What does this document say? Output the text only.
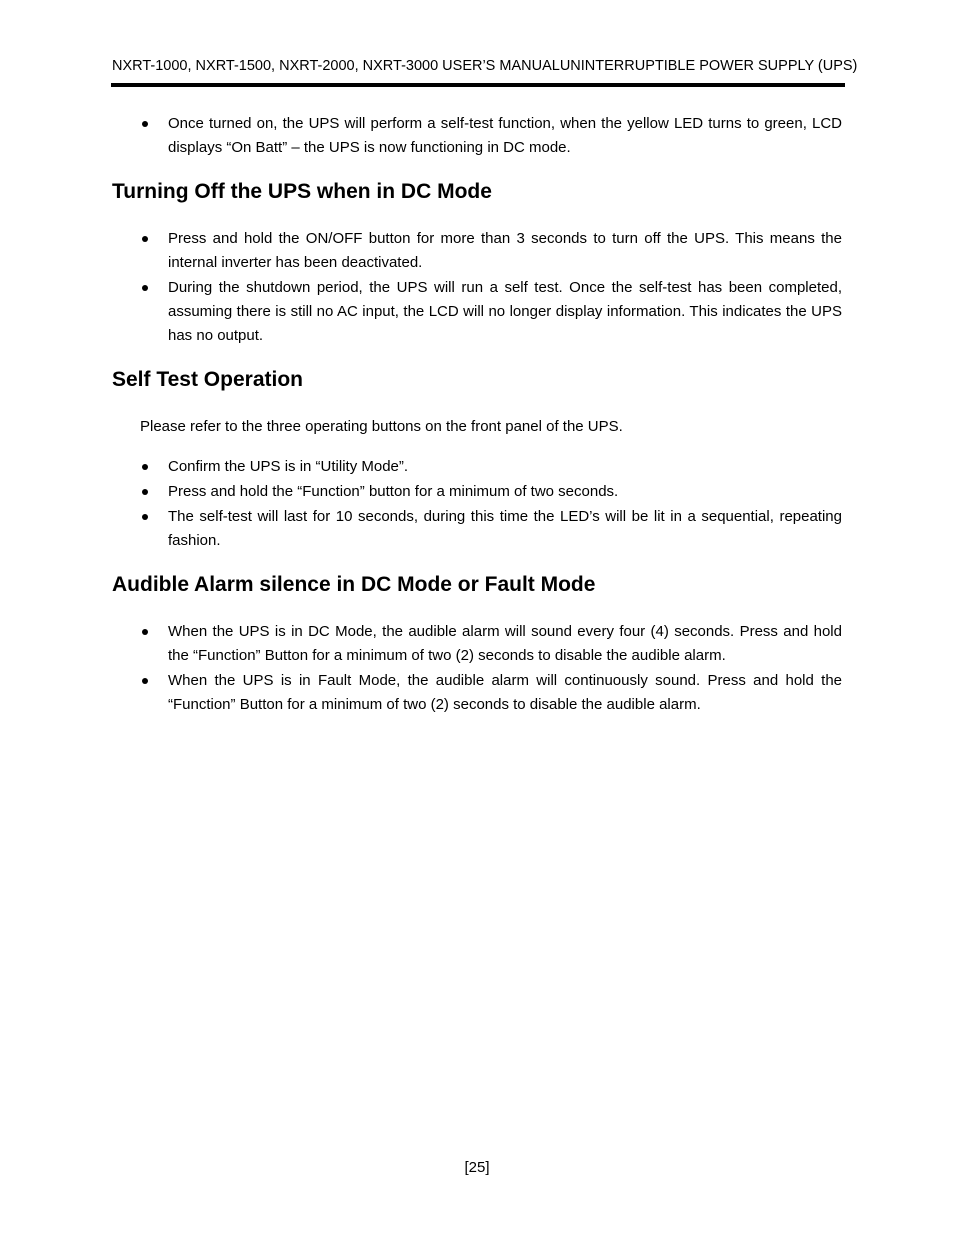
NXRT-1000, NXRT-1500, NXRT-2000, NXRT-3000 USER’S MANUALUNINTERRUPTIBLE POWER SUPPLY (UPS)
Once turned on, the UPS will perform a self-test function, when the yellow LED turns to green, LCD displays “On Batt” – the UPS is now functioning in DC mode.
Turning Off the UPS when in DC Mode
Press and hold the ON/OFF button for more than 3 seconds to turn off the UPS. This means the internal inverter has been deactivated.
During the shutdown period, the UPS will run a self test. Once the self-test has been completed, assuming there is still no AC input, the LCD will no longer display information. This indicates the UPS has no output.
Self Test Operation

Please refer to the three operating buttons on the front panel of the UPS.

Confirm the UPS is in “Utility Mode”.
Press and hold the “Function” button for a minimum of two seconds.
The self-test will last for 10 seconds, during this time the LED’s will be lit in a sequential, repeating fashion.
Audible Alarm silence in DC Mode or Fault Mode
When the UPS is in DC Mode, the audible alarm will sound every four (4) seconds. Press and hold the “Function” Button for a minimum of two (2) seconds to disable the audible alarm.
When the UPS is in Fault Mode, the audible alarm will continuously sound. Press and hold the “Function” Button for a minimum of two (2) seconds to disable the audible alarm.
[25]
